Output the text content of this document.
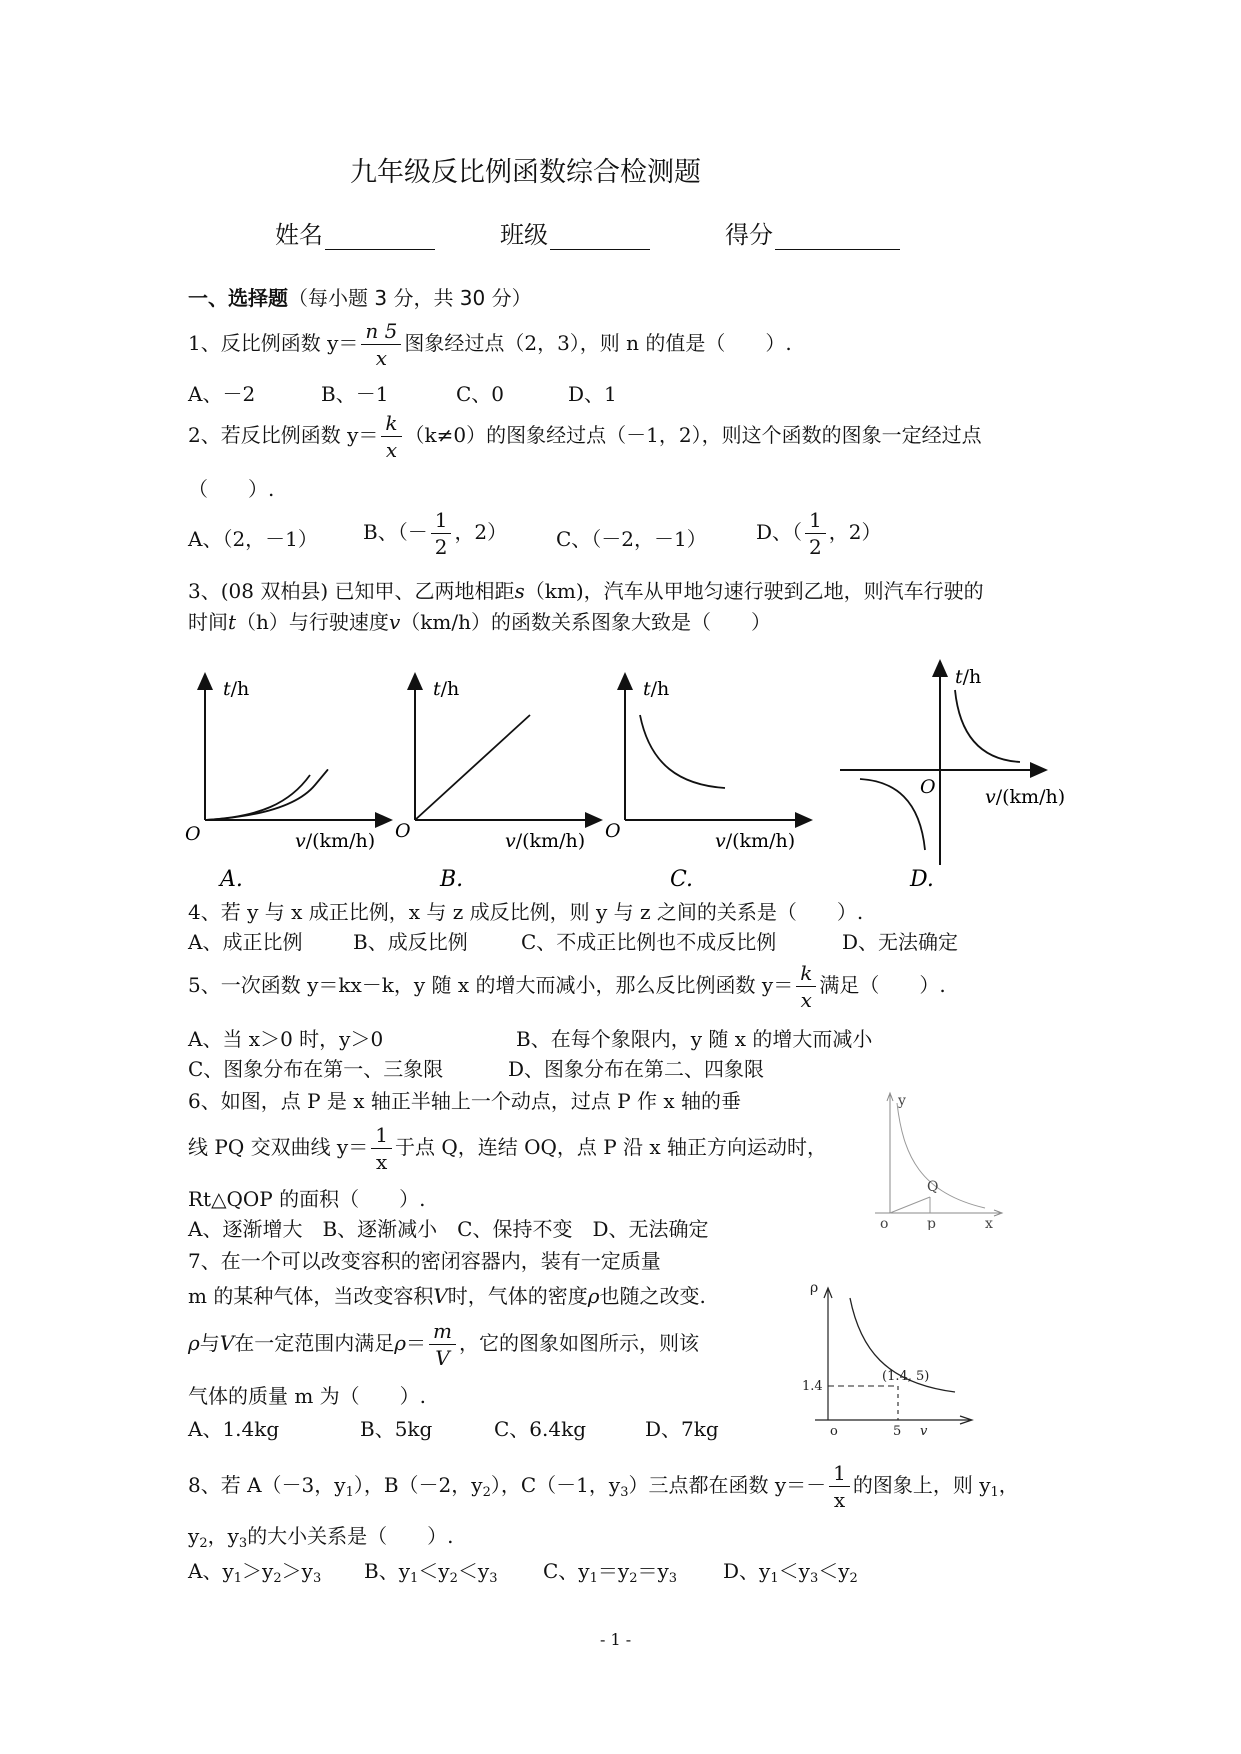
九年级反比例函数综合检测题
姓名	班级	得分
一、选择题（每小题 3 分，共 30 分）
1、反比例函数 $y= \frac{n 5}{x}$ 图象经过点（2，3），则 n 的值是（　　）.
A、－2	B、－1	C、0	D、1
2、若反比例函数 $y= \frac{k}{x} (k\ne 0)$的图象经过点（－1，2），则这个函数的图象一定经过点
（　　）.
A、（2，－1） B、（－ $\frac{1}{2}$ ，2） C、（－2，－1） D、（ $\frac{1}{2}$ ，2）
3、(08 双柏县) 已知甲、乙两地相距s（km)，汽车从甲地匀速行驶到乙地，则汽车行驶的
时间t（h）与行驶速度v（km/h）的函数关系图象大致是（　　）
t/h
O	v/(km/h)
A.
t/h
O	v/(km/h)
B.
t/h
O	v/(km/h)
C.
t/h
O	v/(km/h)
D.
4、若 y 与 x 成正比例，x 与 z 成反比例，则 y 与 z 之间的关系是（　　）.
A、成正比例	B、成反比例	C、不成正比例也不成反比例	D、无法确定
5、一次函数 y＝kx－k，y 随 x 的增大而减小，那么反比例函数 $y= \frac{k}{x}$ 满足（　　）.
A、当 x＞0 时，y＞0	B、在每个象限内，y 随 x 的增大而减小
C、图象分布在第一、三象限	D、图象分布在第二、四象限
6、如图，点 P 是 x 轴正半轴上一个动点，过点 P 作 x 轴的垂
线 PQ 交双曲线 $y= \frac{1}{x}$ 于点 Q，连结 OQ，点 P 沿 x 轴正方向运动时，
Rt△QOP 的面积（　　）.
A、逐渐增大　B、逐渐减小　C、保持不变　D、无法确定
y
Q
o	p	x
7、在一个可以改变容积的密闭容器内，装有一定质量
m 的某种气体，当改变容积V时，气体的密度ρ也随之改变.
ρ与V在一定范围内满足$\rho= \frac{m}{V}$ ，它的图象如图所示，则该
气体的质量 m 为（　　）.
A、1.4kg	B、5kg	C、6.4kg	D、7kg
ρ
1.4
(1.4, 5)
o	5 v
8、若 A（－3，$y_1$），B（－2，$y_2$），C（－1，$y_3$）三点都在函数 $y=- \frac{1}{x}$ 的图象上，则 $y_1$，
$y_2$，$y_3$的大小关系是（　　）.
A、$y_1>y_2>y_3$ B、$y_1<y_2<y_3$ C、$y_1=y_2=y_3$ D、$y_1<y_3<y_2$
- 1 -
